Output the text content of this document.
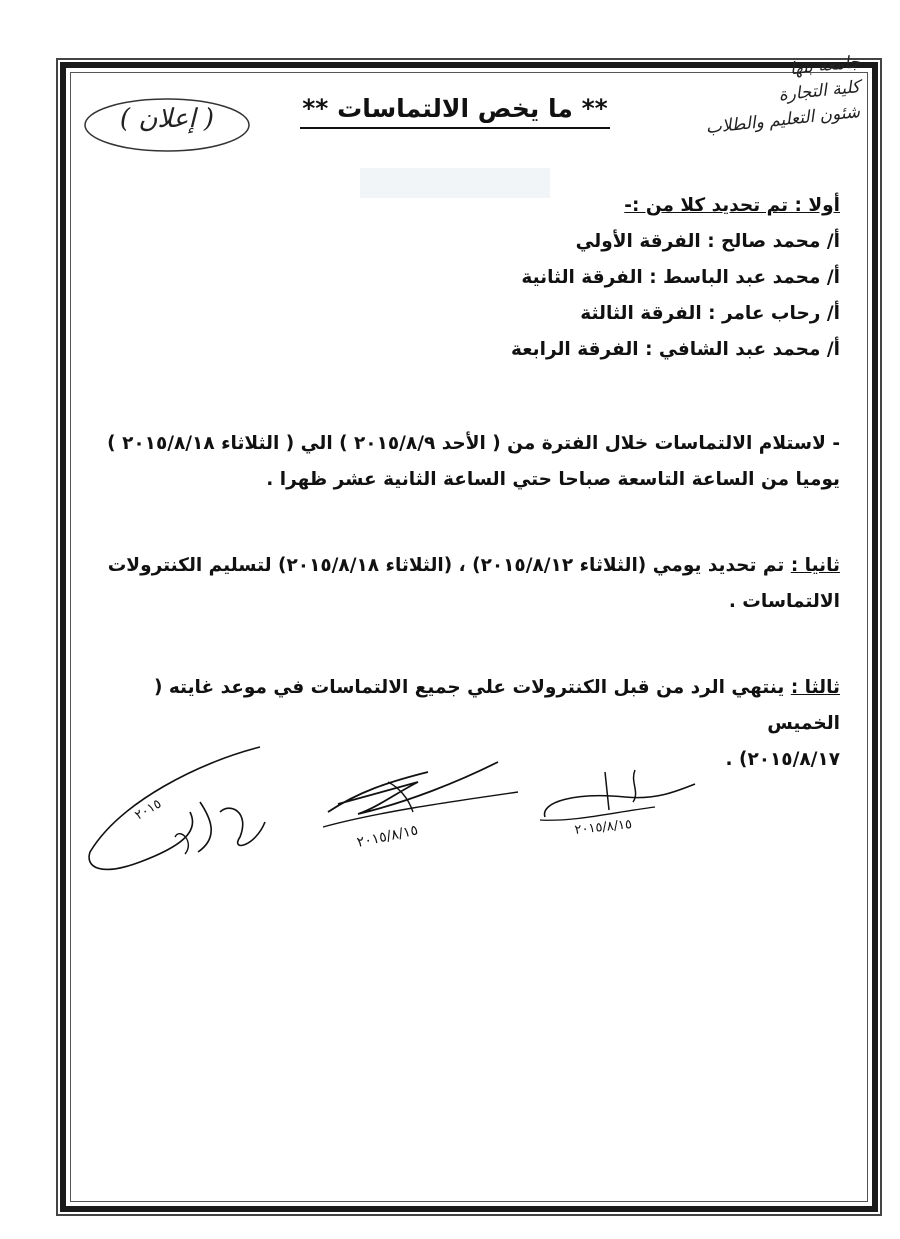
( إعلان )	** ما يخص الالتماسات **
جامعة بنها
كلية التجارة
شئون التعليم والطلاب

أولا : تم تحديد كلا من :-

أ/ محمد صالح : الفرقة الأولي

أ/ محمد عبد الباسط : الفرقة الثانية

أ/ رحاب عامر : الفرقة الثالثة

أ/ محمد عبد الشافي : الفرقة الرابعة

- لاستلام الالتماسات خلال الفترة من ( الأحد ٢٠١٥/٨/٩ ) الي ( الثلاثاء ٢٠١٥/٨/١٨ )

يوميا من الساعة التاسعة صباحا حتي الساعة الثانية عشر ظهرا .

ثانيا : تم تحديد يومي (الثلاثاء ٢٠١٥/٨/١٢) ، (الثلاثاء ٢٠١٥/٨/١٨) لتسليم الكنترولات

الالتماسات .

ثالثا : ينتهي الرد من قبل الكنترولات علي جميع الالتماسات في موعد غايته ( الخميس

٢٠١٥/٨/١٧) .

٢٠١٥
٢٠١٥/٨/١٥	٢٠١٥/٨/١٥
